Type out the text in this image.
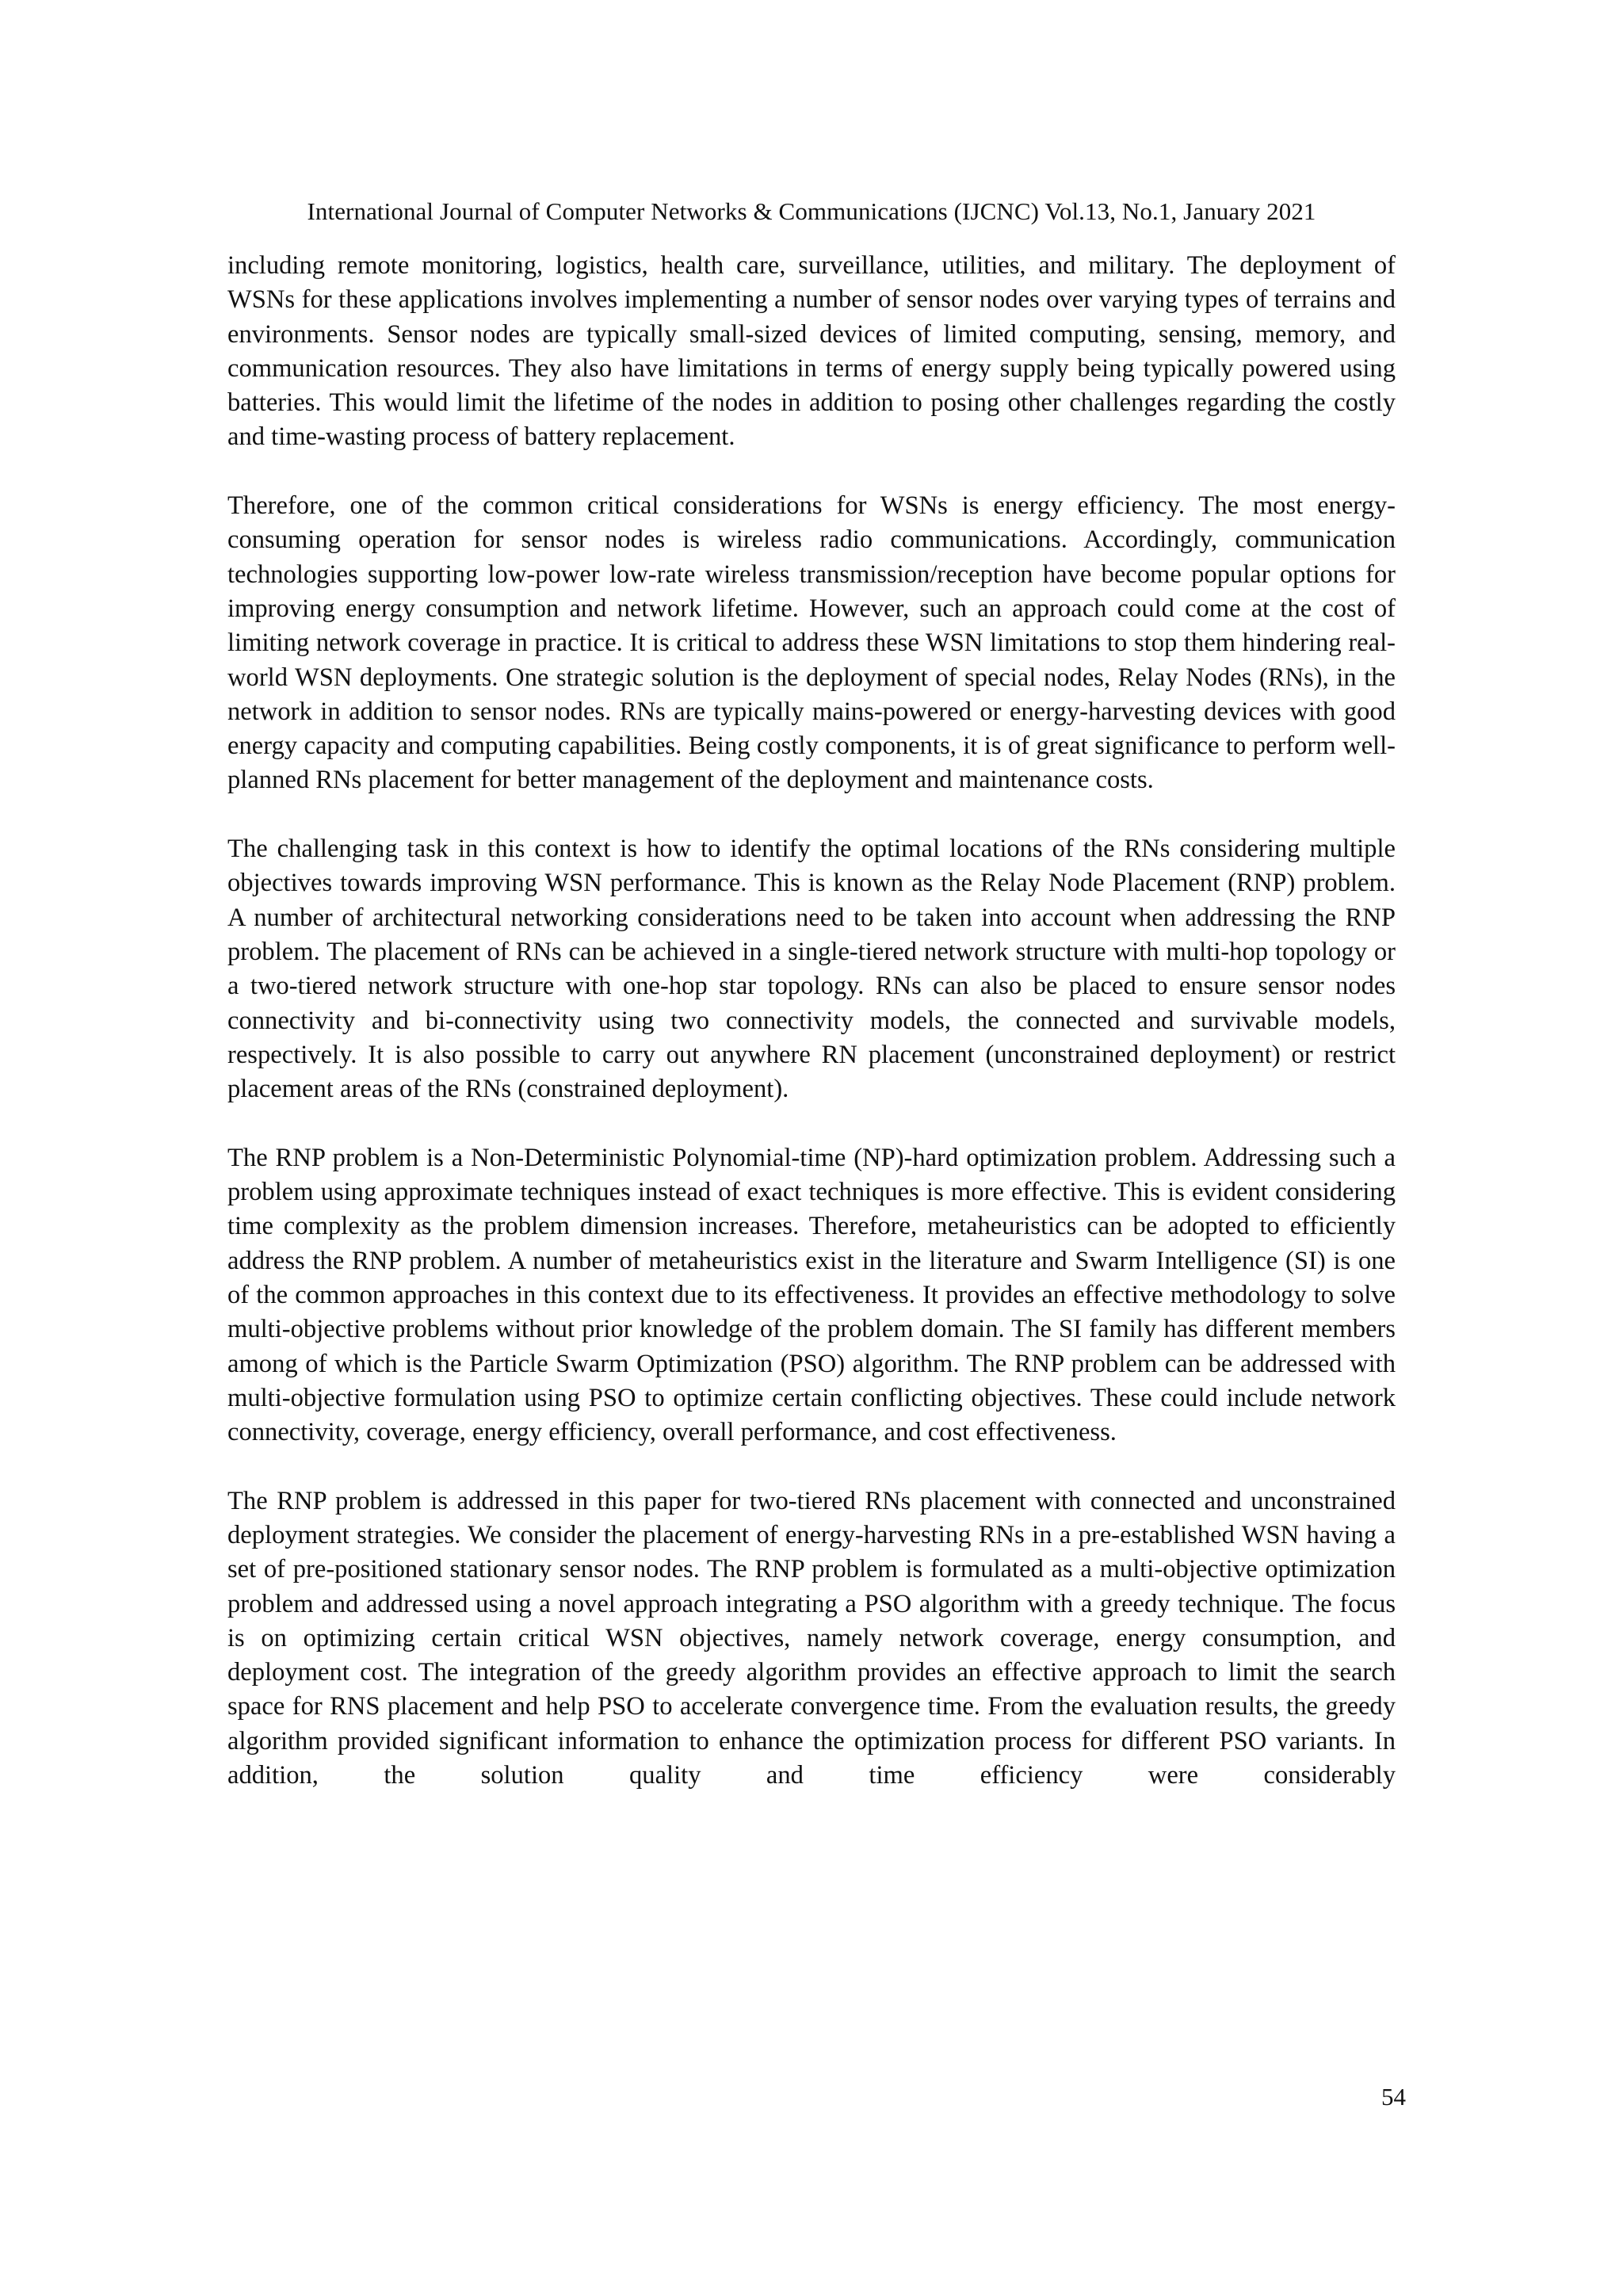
International Journal of Computer Networks & Communications (IJCNC) Vol.13, No.1, January 2021

including remote monitoring, logistics, health care, surveillance, utilities, and military. The deployment of WSNs for these applications involves implementing a number of sensor nodes over varying types of terrains and environments. Sensor nodes are typically small-sized devices of limited computing, sensing, memory, and communication resources. They also have limitations in terms of energy supply being typically powered using batteries. This would limit the lifetime of the nodes in addition to posing other challenges regarding the costly and time-wasting process of battery replacement.

Therefore, one of the common critical considerations for WSNs is energy efficiency. The most energy-consuming operation for sensor nodes is wireless radio communications. Accordingly, communication technologies supporting low-power low-rate wireless transmission/reception have become popular options for improving energy consumption and network lifetime. However, such an approach could come at the cost of limiting network coverage in practice. It is critical to address these WSN limitations to stop them hindering real-world WSN deployments. One strategic solution is the deployment of special nodes, Relay Nodes (RNs), in the network in addition to sensor nodes. RNs are typically mains-powered or energy-harvesting devices with good energy capacity and computing capabilities. Being costly components, it is of great significance to perform well-planned RNs placement for better management of the deployment and maintenance costs.

The challenging task in this context is how to identify the optimal locations of the RNs considering multiple objectives towards improving WSN performance. This is known as the Relay Node Placement (RNP) problem. A number of architectural networking considerations need to be taken into account when addressing the RNP problem. The placement of RNs can be achieved in a single-tiered network structure with multi-hop topology or a two-tiered network structure with one-hop star topology. RNs can also be placed to ensure sensor nodes connectivity and bi-connectivity using two connectivity models, the connected and survivable models, respectively. It is also possible to carry out anywhere RN placement (unconstrained deployment) or restrict placement areas of the RNs (constrained deployment).

The RNP problem is a Non-Deterministic Polynomial-time (NP)-hard optimization problem. Addressing such a problem using approximate techniques instead of exact techniques is more effective. This is evident considering time complexity as the problem dimension increases. Therefore, metaheuristics can be adopted to efficiently address the RNP problem. A number of metaheuristics exist in the literature and Swarm Intelligence (SI) is one of the common approaches in this context due to its effectiveness. It provides an effective methodology to solve multi-objective problems without prior knowledge of the problem domain. The SI family has different members among of which is the Particle Swarm Optimization (PSO) algorithm. The RNP problem can be addressed with multi-objective formulation using PSO to optimize certain conflicting objectives. These could include network connectivity, coverage, energy efficiency, overall performance, and cost effectiveness.

The RNP problem is addressed in this paper for two-tiered RNs placement with connected and unconstrained deployment strategies. We consider the placement of energy-harvesting RNs in a pre-established WSN having a set of pre-positioned stationary sensor nodes. The RNP problem is formulated as a multi-objective optimization problem and addressed using a novel approach integrating a PSO algorithm with a greedy technique. The focus is on optimizing certain critical WSN objectives, namely network coverage, energy consumption, and deployment cost. The integration of the greedy algorithm provides an effective approach to limit the search space for RNS placement and help PSO to accelerate convergence time. From the evaluation results, the greedy algorithm provided significant information to enhance the optimization process for different PSO variants. In addition, the solution quality and time efficiency were considerably

54
